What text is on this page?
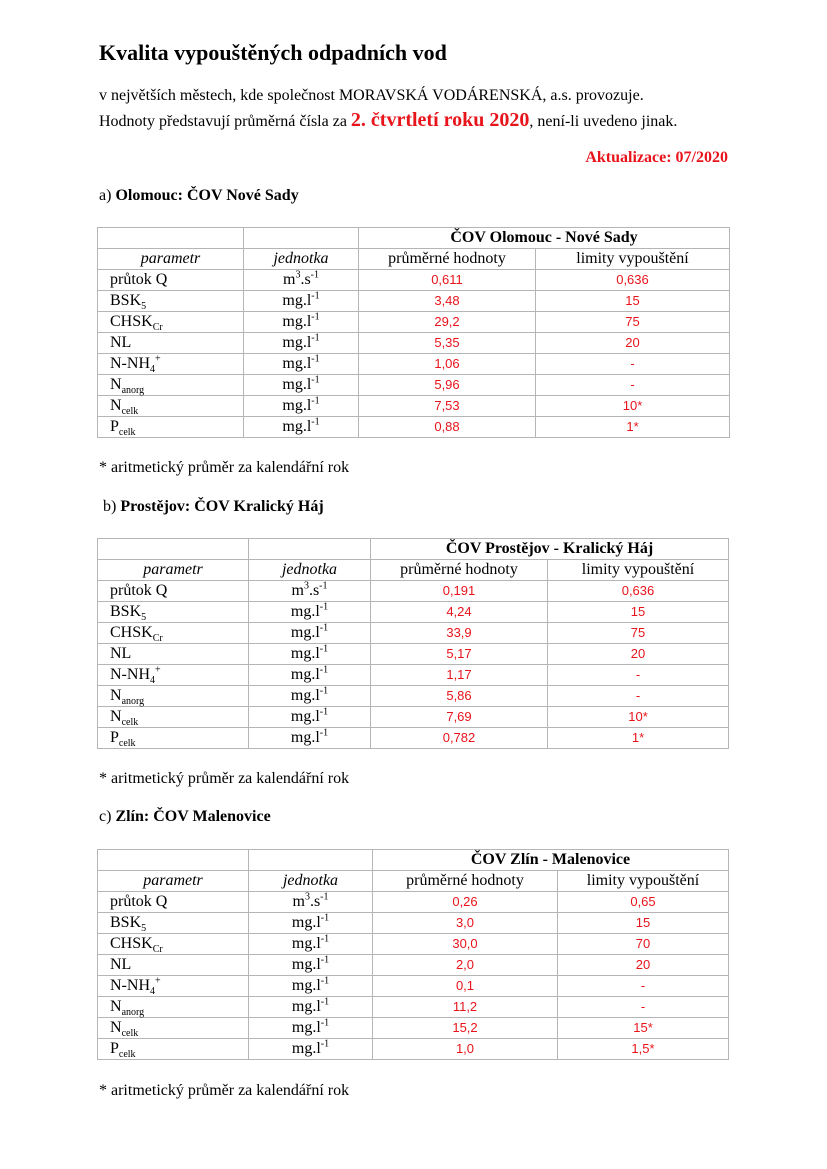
Kvalita vypouštěných odpadních vod
v největších městech, kde společnost MORAVSKÁ VODÁRENSKÁ, a.s. provozuje.
Hodnoty představují průměrná čísla za 2. čtvrtletí roku 2020, není-li uvedeno jinak.
Aktualizace: 07/2020
a) Olomouc: ČOV Nové Sady
		ČOV Olomouc - Nové Sady	
parametr	jednotka	průměrné hodnoty	limity vypouštění
průtok Q	$m^3.s^{-1}$	0,611	0,636
$BSK_5$	$mg.l^{-1}$	3,48	15
$CHSK_{Cr}$	$mg.l^{-1}$	29,2	75
NL	$mg.l^{-1}$	5,35	20
$N-NH_4^+$	$mg.l^{-1}$	1,06	-
$N_{anorg}$	$mg.l^{-1}$	5,96	-
$N_{celk}$	$mg.l^{-1}$	7,53	10*
$P_{celk}$	$mg.l^{-1}$	0,88	1*
* aritmetický průměr za kalendářní rok
b) Prostějov: ČOV Kralický Háj
		ČOV Prostějov - Kralický Háj	
parametr	jednotka	průměrné hodnoty	limity vypouštění
průtok Q	$m^3.s^{-1}$	0,191	0,636
$BSK_5$	$mg.l^{-1}$	4,24	15
$CHSK_{Cr}$	$mg.l^{-1}$	33,9	75
NL	$mg.l^{-1}$	5,17	20
$N-NH_4^+$	$mg.l^{-1}$	1,17	-
$N_{anorg}$	$mg.l^{-1}$	5,86	-
$N_{celk}$	$mg.l^{-1}$	7,69	10*
$P_{celk}$	$mg.l^{-1}$	0,782	1*
* aritmetický průměr za kalendářní rok
c) Zlín: ČOV Malenovice
		ČOV Zlín - Malenovice	
parametr	jednotka	průměrné hodnoty	limity vypouštění
průtok Q	$m^3.s^{-1}$	0,26	0,65
$BSK_5$	$mg.l^{-1}$	3,0	15
$CHSK_{Cr}$	$mg.l^{-1}$	30,0	70
NL	$mg.l^{-1}$	2,0	20
$N-NH_4^+$	$mg.l^{-1}$	0,1	-
$N_{anorg}$	$mg.l^{-1}$	11,2	-
$N_{celk}$	$mg.l^{-1}$	15,2	15*
$P_{celk}$	$mg.l^{-1}$	1,0	1,5*
* aritmetický průměr za kalendářní rok
